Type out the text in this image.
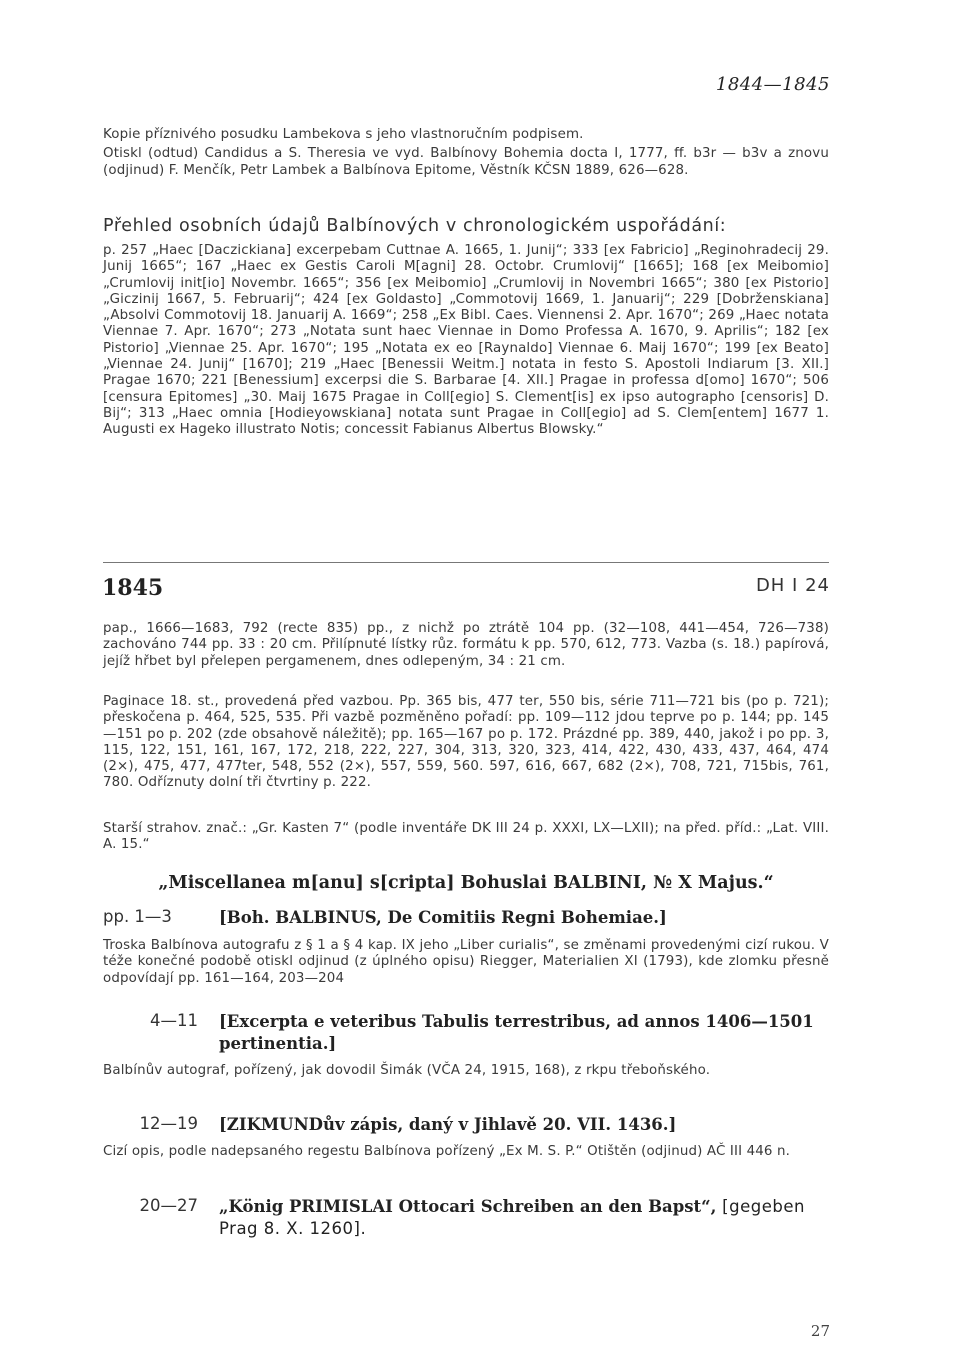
1844—1845

Kopie příznivého posudku Lambekova s jeho vlastnoručním podpisem.

Otiskl (odtud) Candidus a S. Theresia ve vyd. Balbínovy Bohemia docta I, 1777, ff. b3r — b3v a znovu (odjinud) F. Menčík, Petr Lambek a Balbínova Epitome, Věstník KČSN 1889, 626—628.

Přehled osobních údajů Balbínových v chronologickém uspořádání:

p. 257 „Haec [Daczickiana] excerpebam Cuttnae A. 1665, 1. Junij“; 333 [ex Fabricio] „Reginohradecij 29. Junij 1665“; 167 „Haec ex Gestis Caroli M[agni] 28. Octobr. Crumlovij“ [1665]; 168 [ex Meibomio] „Crumlovij init[io] Novembr. 1665“; 356 [ex Meibomio] „Crumlovij in Novembri 1665“; 380 [ex Pistorio] „Giczinij 1667, 5. Februarij“; 424 [ex Goldasto] „Commotovij 1669, 1. Januarij“; 229 [Dobrženskiana] „Absolvi Commotovij 18. Januarij A. 1669“; 258 „Ex Bibl. Caes. Viennensi 2. Apr. 1670“; 269 „Haec notata Viennae 7. Apr. 1670“; 273 „Notata sunt haec Viennae in Domo Professa A. 1670, 9. Aprilis“; 182 [ex Pistorio] „Viennae 25. Apr. 1670“; 195 „Notata ex eo [Raynaldo] Viennae 6. Maij 1670“; 199 [ex Beato] „Viennae 24. Junij“ [1670]; 219 „Haec [Benessii Weitm.] notata in festo S. Apostoli Indiarum [3. XII.] Pragae 1670; 221 [Benessium] excerpsi die S. Barbarae [4. XII.] Pragae in professa d[omo] 1670“; 506 [censura Epitomes] „30. Maij 1675 Pragae in Coll[egio] S. Clement[is] ex ipso autographo [censoris] D. Bij“; 313 „Haec omnia [Hodieyowskiana] notata sunt Pragae in Coll[egio] ad S. Clem[entem] 1677 1. Augusti ex Hageko illustrato Notis; concessit Fabianus Albertus Blowsky.“

1845	DH I 24

pap., 1666—1683, 792 (recte 835) pp., z nichž po ztrátě 104 pp. (32—108, 441—454, 726—738) zachováno 744 pp. 33 : 20 cm. Přilípnuté lístky růz. formátu k pp. 570, 612, 773. Vazba (s. 18.) papírová, jejíž hřbet byl přelepen pergamenem, dnes odlepeným, 34 : 21 cm.

Paginace 18. st., provedená před vazbou. Pp. 365 bis, 477 ter, 550 bis, série 711—721 bis (po p. 721); přeskočena p. 464, 525, 535. Při vazbě pozměněno pořadí: pp. 109—112 jdou teprve po p. 144; pp. 145—151 po p. 202 (zde obsahově náležitě); pp. 165—167 po p. 172. Prázdné pp. 389, 440, jakož i po pp. 3, 115, 122, 151, 161, 167, 172, 218, 222, 227, 304, 313, 320, 323, 414, 422, 430, 433, 437, 464, 474 (2×), 475, 477, 477ter, 548, 552 (2×), 557, 559, 560. 597, 616, 667, 682 (2×), 708, 721, 715bis, 761, 780. Odříznuty dolní tři čtvrtiny p. 222.

Starší strahov. znač.: „Gr. Kasten 7“ (podle inventáře DK III 24 p. XXXI, LX—LXII); na před. příd.: „Lat. VIII. A. 15.“

„Miscellanea m[anu] s[cripta] Bohuslai BALBINI, № X Majus.“
pp. 1—3	[Boh. BALBINUS, De Comitiis Regni Bohemiae.]

Troska Balbínova autografu z § 1 a § 4 kap. IX jeho „Liber curialis“, se změnami provedenými cizí rukou. V téže konečné podobě otiskl odjinud (z úplného opisu) Riegger, Materialien XI (1793), kde zlomku přesně odpovídají pp. 161—164, 203—204

4—11 [Excerpta e veteribus Tabulis terrestribus, ad annos 1406—1501 pertinentia.]

Balbínův autograf, pořízený, jak dovodil Šimák (VČA 24, 1915, 168), z rkpu třeboňského.

12—19 [ZIKMUNDův zápis, daný v Jihlavě 20. VII. 1436.]

Cizí opis, podle nadepsaného regestu Balbínova pořízený „Ex M. S. P.“ Otištěn (odjinud) AČ III 446 n.

20—27 „König PRIMISLAI Ottocari Schreiben an den Bapst“, [gegeben Prag 8. X. 1260].
27
